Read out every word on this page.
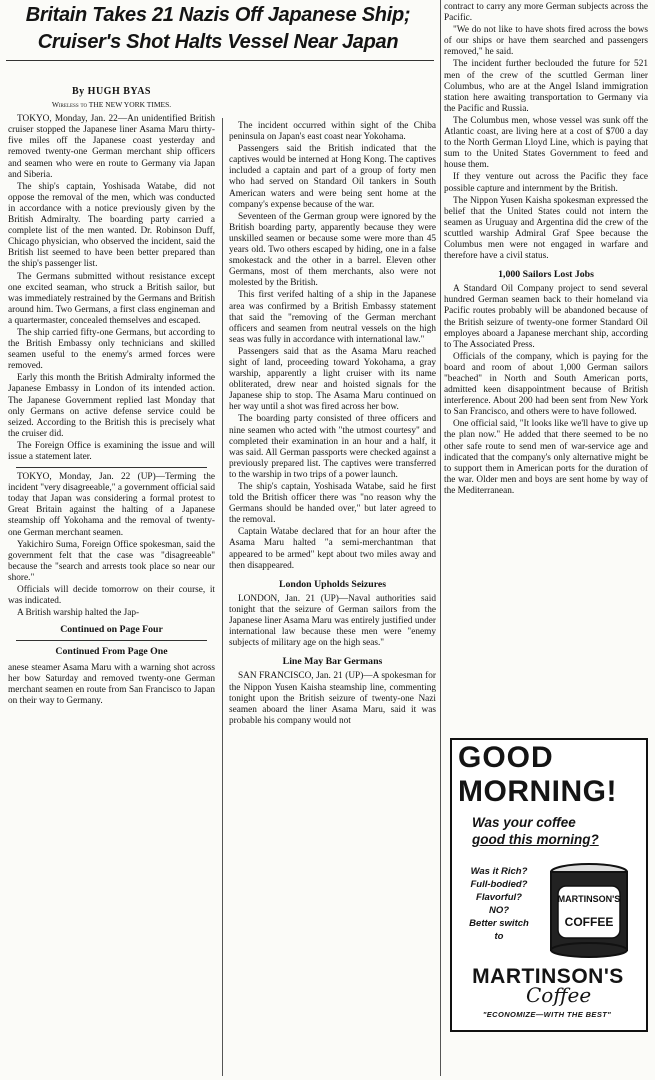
Britain Takes 21 Nazis Off Japanese Ship;
Cruiser's Shot Halts Vessel Near Japan
By HUGH BYAS
Wireless to THE NEW YORK TIMES.

TOKYO, Monday, Jan. 22—An unidentified British cruiser stopped the Japanese liner Asama Maru thirty-five miles off the Japanese coast yesterday and removed twenty-one German merchant ship officers and seamen who were en route to Germany via Japan and Siberia.

The ship's captain, Yoshisada Watabe, did not oppose the removal of the men, which was conducted in accordance with a notice previously given by the British Admiralty. The boarding party carried a complete list of the men wanted. Dr. Robinson Duff, Chicago physician, who observed the incident, said the British list seemed to have been better prepared than the ship's passenger list.

The Germans submitted without resistance except one excited seaman, who struck a British sailor, but was immediately restrained by the Germans and British around him. Two Germans, a first class engineman and a quartermaster, concealed themselves and escaped.

The ship carried fifty-one Germans, but according to the British Embassy only technicians and skilled seamen useful to the enemy's armed forces were removed.

Early this month the British Admiralty informed the Japanese Embassy in London of its intended action. The Japanese Government replied last Monday that only Germans on active defense service could be seized. According to the British this is precisely what the cruiser did.

The Foreign Office is examining the issue and will issue a statement later.

TOKYO, Monday, Jan. 22 (UP)—Terming the incident "very disagreeable," a government official said today that Japan was considering a formal protest to Great Britain against the halting of a Japanese steamship off Yokohama and the removal of twenty-one German merchant seamen.

Yakichiro Suma, Foreign Office spokesman, said the government felt that the case was "disagreeable" because the "search and arrests took place so near our shore."

Officials will decide tomorrow on their course, it was indicated.

A British warship halted the Jap-

Continued on Page Four
Continued From Page One

anese steamer Asama Maru with a warning shot across her bow Saturday and removed twenty-one German merchant seamen en route from San Francisco to Japan on their way to Germany.

The incident occurred within sight of the Chiba peninsula on Japan's east coast near Yokohama.

Passengers said the British indicated that the captives would be interned at Hong Kong. The captives included a captain and part of a group of forty men who had served on Standard Oil tankers in South American waters and were being sent home at the company's expense because of the war.

Seventeen of the German group were ignored by the British boarding party, apparently because they were unskilled seamen or because some were more than 45 years old. Two others escaped by hiding, one in a false smokestack and the other in a barrel. Eleven other Germans, most of them merchants, also were not molested by the British.

This first verifed halting of a ship in the Japanese area was confirmed by a British Embassy statement that said the "removing of the German merchant officers and seamen from neutral vessels on the high seas was fully in accordance with international law."

Passengers said that as the Asama Maru reached sight of land, proceeding toward Yokohama, a gray warship, apparently a light cruiser with its name obliterated, drew near and hoisted signals for the Japanese ship to stop. The Asama Maru continued on her way until a shot was fired across her bow.

The boarding party consisted of three officers and nine seamen who acted with "the utmost courtesy" and completed their examination in an hour and a half, it was said. All German passports were checked against a previously prepared list. The captives were transferred to the warship in two trips of a power launch.

The ship's captain, Yoshisada Watabe, said he first told the British officer there was "no reason why the Germans should be handed over," but later agreed to the removal.

Captain Watabe declared that for an hour after the Asama Maru halted "a semi-merchantman that appeared to be armed" kept about two miles away and then disappeared.

London Upholds Seizures

LONDON, Jan. 21 (UP)—Naval authorities said tonight that the seizure of German sailors from the Japanese liner Asama Maru was entirely justified under international law because these men were "enemy subjects of military age on the high seas."

Line May Bar Germans

SAN FRANCISCO, Jan. 21 (UP)—A spokesman for the Nippon Yusen Kaisha steamship line, commenting tonight upon the British seizure of twenty-one Nazi seamen aboard the liner Asama Maru, said it was probable his company would not

contract to carry any more German subjects across the Pacific.

"We do not like to have shots fired across the bows of our ships or have them searched and passengers removed," he said.

The incident further beclouded the future for 521 men of the crew of the scuttled German liner Columbus, who are at the Angel Island immigration station here awaiting transportation to Germany via the Pacific and Russia.

The Columbus men, whose vessel was sunk off the Atlantic coast, are living here at a cost of $700 a day to the North German Lloyd Line, which is paying that sum to the United States Government to feed and house them.

If they venture out across the Pacific they face possible capture and internment by the British.

The Nippon Yusen Kaisha spokesman expressed the belief that the United States could not intern the seamen as Uruguay and Argentina did the crew of the scuttled warship Admiral Graf Spee because the Columbus men were not engaged in warfare and therefore have a civil status.

1,000 Sailors Lost Jobs

A Standard Oil Company project to send several hundred German seamen back to their homeland via Pacific routes probably will be abandoned because of the British seizure of twenty-one former Standard Oil employes aboard a Japanese merchant ship, according to The Associated Press.

Officials of the company, which is paying for the board and room of about 1,000 German sailors "beached" in North and South American ports, admitted keen disappointment because of British interference. About 200 had been sent from New York to San Francisco, and others were to have followed.

One official said, "It looks like we'll have to give up the plan now." He added that there seemed to be no other safe route to send men of war-service age and indicated that the company's only alternative might be to support them in American ports for the duration of the war. Older men and boys are sent home by way of the Mediterranean.

GOOD
MORNING!
Was your coffee
good this morning?
Was it Rich?
Full-bodied?
Flavorful?
NO?
Better switch
to
MARTINSON'S
COFFEE
MARTINSON'S
Coffee
"ECONOMIZE—WITH THE BEST"
